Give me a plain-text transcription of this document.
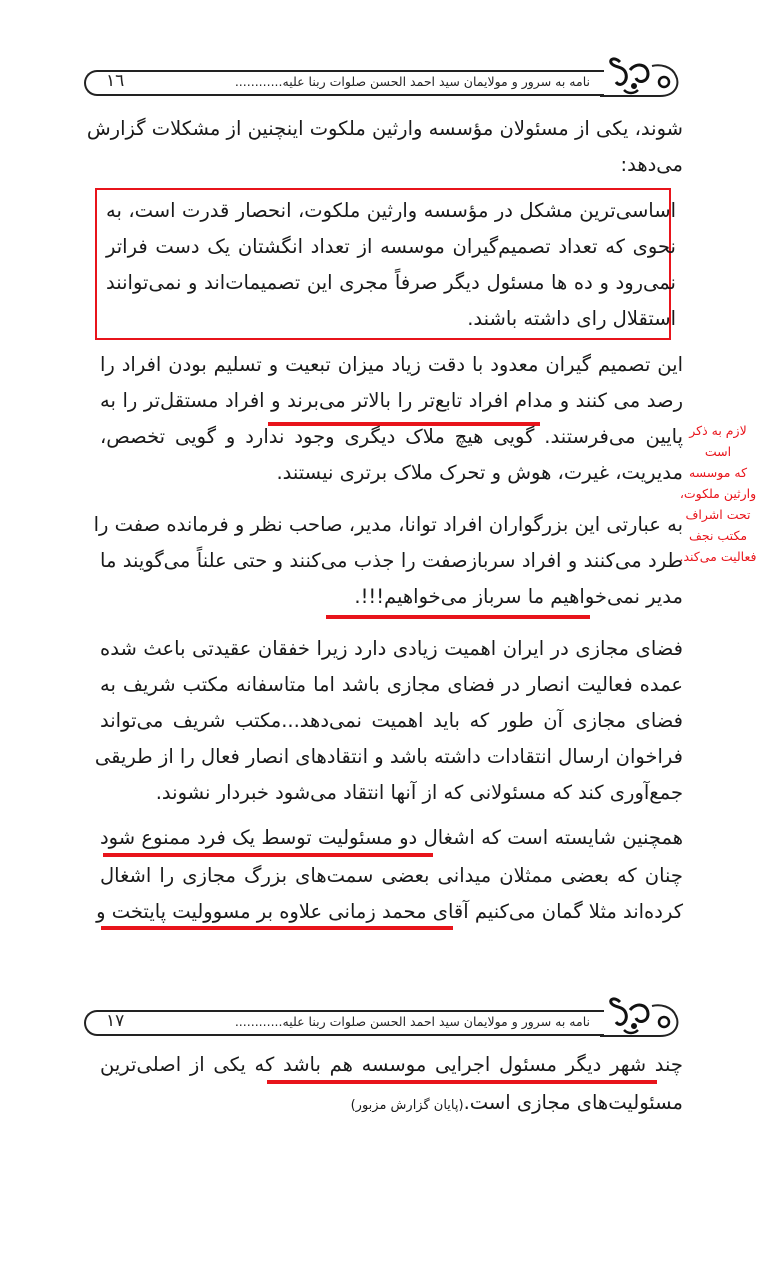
١٦	نامه به سرور و مولایمان سید احمد الحسن صلوات ربنا علیه............
شوند، یکی از مسئولان مؤسسه وارثین ملکوت اینچنین از مشکلات گزارش
می‌دهد:
اساسی‌ترین مشکل در مؤسسه وارثین ملکوت، انحصار قدرت است، به
نحوی که تعداد تصمیم‌گیران موسسه از تعداد انگشتان یک دست فراتر
نمی‌رود و ده ها مسئول دیگر صرفاً مجری این تصمیمات‌اند و نمی‌توانند
استقلال رای داشته باشند.
این تصمیم گیران معدود با دقت زیاد میزان تبعیت و تسلیم بودن افراد را
رصد می کنند و مدام افراد تابع‌تر را بالاتر می‌برند و افراد مستقل‌تر را به
پایین می‌فرستند. گویی هیچ ملاک دیگری وجود ندارد و گویی تخصص،
مدیریت، غیرت، هوش و تحرک ملاک برتری نیستند.
لازم به ذکر است
که موسسه
وارثین ملکوت،
تحت اشراف
مکتب نجف
فعالیت می‌کند.
به عبارتی این بزرگواران افراد توانا، مدیر، صاحب نظر و فرمانده صفت را
طرد می‌کنند و افراد سربازصفت را جذب می‌کنند و حتی علناً می‌گویند ما
مدیر نمی‌خواهیم ما سرباز می‌خواهیم!!!.
فضای مجازی در ایران اهمیت زیادی دارد زیرا خفقان عقیدتی باعث شده
عمده فعالیت انصار در فضای مجازی باشد اما متاسفانه مکتب شریف به
فضای مجازی آن طور که باید اهمیت نمی‌دهد...مکتب شریف می‌تواند
فراخوان ارسال انتقادات داشته باشد و انتقادهای انصار فعال را از طریقی
جمع‌آوری کند که مسئولانی که از آنها انتقاد می‌شود خبردار نشوند.
همچنین شایسته است که اشغال دو مسئولیت توسط یک فرد ممنوع شود
چنان که بعضی ممثلان میدانی بعضی سمت‌های بزرگ مجازی را اشغال
کرده‌اند مثلا گمان می‌کنیم آقای محمد زمانی علاوه بر مسوولیت پایتخت و
١٧	نامه به سرور و مولایمان سید احمد الحسن صلوات ربنا علیه............
چند شهر دیگر مسئول اجرایی موسسه هم باشد که یکی از اصلی‌ترین
مسئولیت‌های مجازی است.(پایان گزارش مزبور)
